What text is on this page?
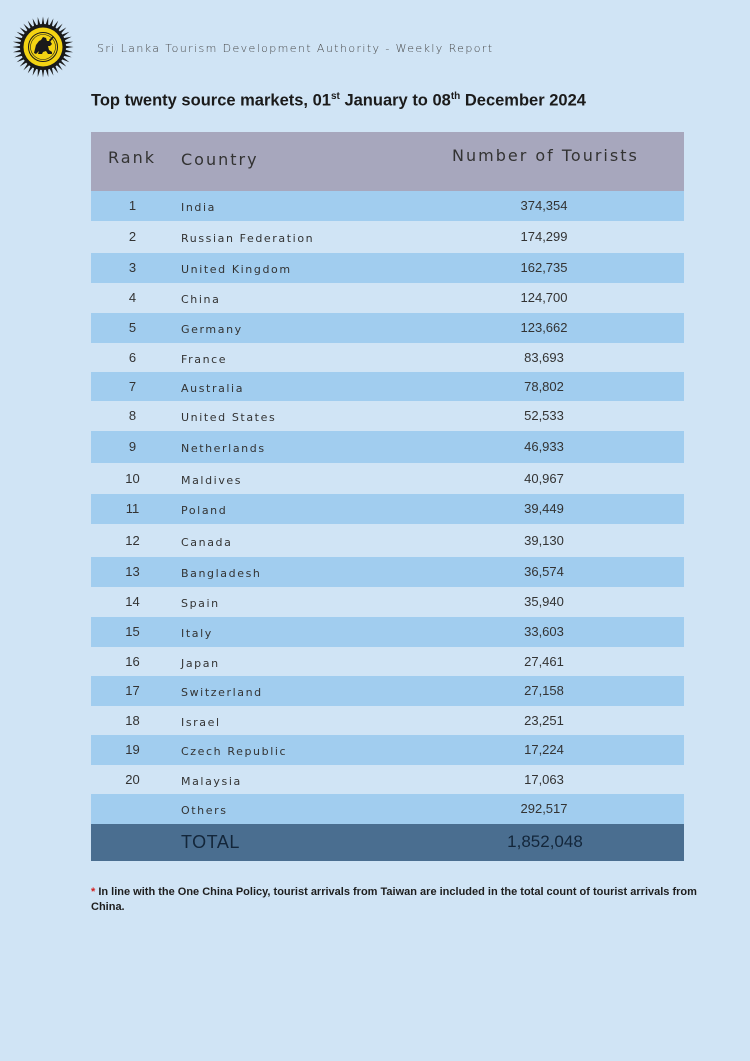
Sri Lanka Tourism Development Authority - Weekly Report
Top twenty source markets, 01st January to 08th December 2024
Rank Country	Number of Tourists
1	India	374,354
2	Russian Federation	174,299
3	United Kingdom	162,735
4	China	124,700
5	Germany	123,662
6	France	83,693
7	Australia	78,802
8	United States	52,533
9	Netherlands	46,933
10	Maldives	40,967
11	Poland	39,449
12	Canada	39,130
13	Bangladesh	36,574
14	Spain	35,940
15	Italy	33,603
16	Japan	27,461
17	Switzerland	27,158
18	Israel	23,251
19	Czech Republic	17,224
20	Malaysia	17,063
Others	292,517
TOTAL	1,852,048
* In line with the One China Policy, tourist arrivals from Taiwan are included in the total count of tourist arrivals from China.
